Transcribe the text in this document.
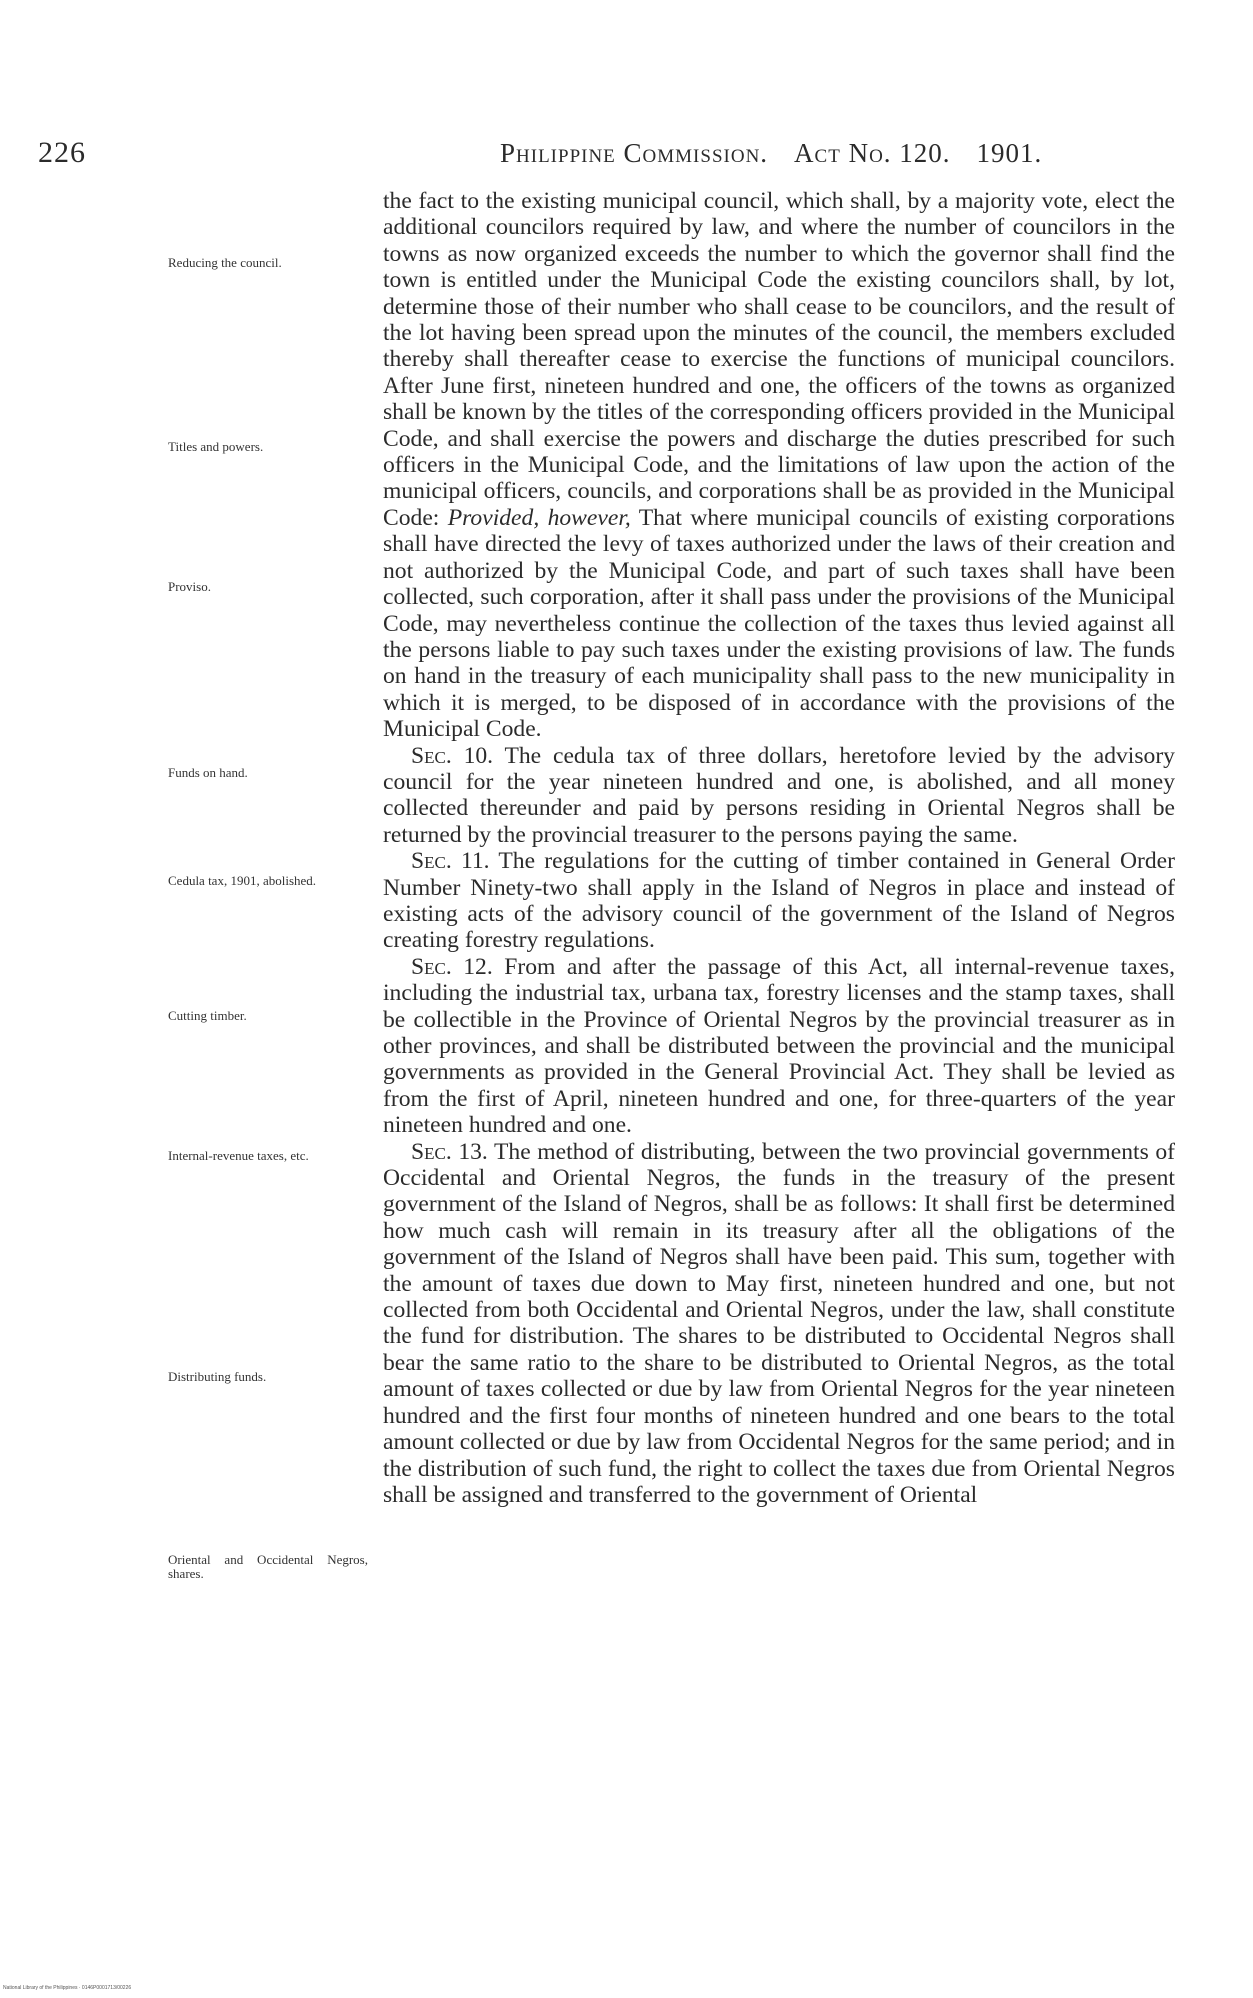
226	Philippine Commission. Act No. 120. 1901.
Reducing the council.
Titles and powers.
Proviso.
Funds on hand.
Cedula tax, 1901, abolished.
Cutting timber.
Internal-revenue taxes, etc.
Distributing funds.
Oriental and Occidental Negros, shares.

the fact to the existing municipal council, which shall, by a majority vote, elect the additional councilors required by law, and where the number of councilors in the towns as now organized exceeds the number to which the governor shall find the town is entitled under the Municipal Code the existing councilors shall, by lot, determine those of their number who shall cease to be councilors, and the result of the lot having been spread upon the minutes of the council, the members excluded thereby shall thereafter cease to exercise the functions of municipal councilors. After June first, nineteen hundred and one, the officers of the towns as organized shall be known by the titles of the corresponding officers provided in the Municipal Code, and shall exercise the powers and discharge the duties prescribed for such officers in the Municipal Code, and the limitations of law upon the action of the municipal officers, councils, and corporations shall be as provided in the Municipal Code: Provided, however, That where municipal councils of existing corporations shall have directed the levy of taxes authorized under the laws of their creation and not authorized by the Municipal Code, and part of such taxes shall have been collected, such corporation, after it shall pass under the provisions of the Municipal Code, may nevertheless continue the collection of the taxes thus levied against all the persons liable to pay such taxes under the existing provisions of law. The funds on hand in the treasury of each municipality shall pass to the new municipality in which it is merged, to be disposed of in accordance with the provisions of the Municipal Code.

Sec. 10. The cedula tax of three dollars, heretofore levied by the advisory council for the year nineteen hundred and one, is abolished, and all money collected thereunder and paid by persons residing in Oriental Negros shall be returned by the provincial treasurer to the persons paying the same.

Sec. 11. The regulations for the cutting of timber contained in General Order Number Ninety-two shall apply in the Island of Negros in place and instead of existing acts of the advisory council of the government of the Island of Negros creating forestry regulations.

Sec. 12. From and after the passage of this Act, all internal-revenue taxes, including the industrial tax, urbana tax, forestry licenses and the stamp taxes, shall be collectible in the Province of Oriental Negros by the provincial treasurer as in other provinces, and shall be distributed between the provincial and the municipal governments as provided in the General Provincial Act. They shall be levied as from the first of April, nineteen hundred and one, for three-quarters of the year nineteen hundred and one.

Sec. 13. The method of distributing, between the two provincial governments of Occidental and Oriental Negros, the funds in the treasury of the present government of the Island of Negros, shall be as follows: It shall first be determined how much cash will remain in its treasury after all the obligations of the government of the Island of Negros shall have been paid. This sum, together with the amount of taxes due down to May first, nineteen hundred and one, but not collected from both Occidental and Oriental Negros, under the law, shall constitute the fund for distribution. The shares to be distributed to Occidental Negros shall bear the same ratio to the share to be distributed to Oriental Negros, as the total amount of taxes collected or due by law from Oriental Negros for the year nineteen hundred and the first four months of nineteen hundred and one bears to the total amount collected or due by law from Occidental Negros for the same period; and in the distribution of such fund, the right to collect the taxes due from Oriental Negros shall be assigned and transferred to the government of Oriental

National Library of the Philippines · 0146P0001713/00226
